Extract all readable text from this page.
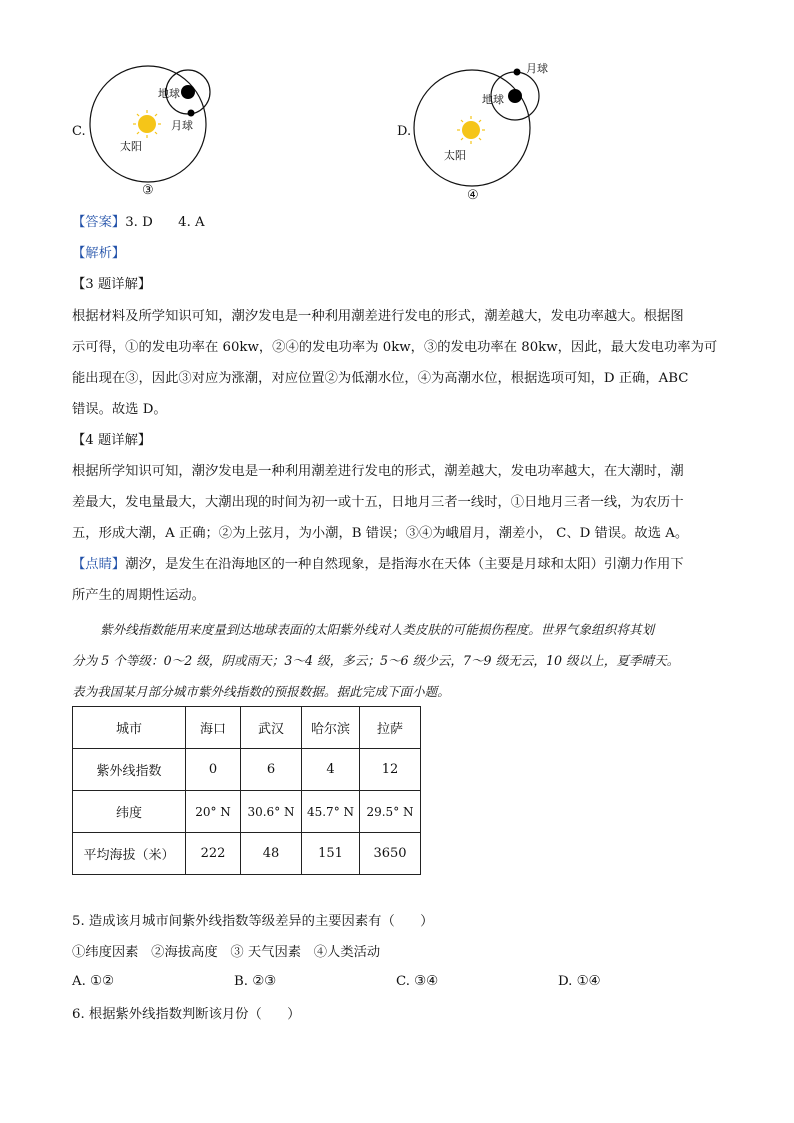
C.
地球
月球
太阳
③
D.
地球
月球
太阳
④
【答案】3. D      4. A
【解析】
【3 题详解】
根据材料及所学知识可知，潮汐发电是一种利用潮差进行发电的形式，潮差越大，发电功率越大。根据图
示可得，①的发电功率在 60kw，②④的发电功率为 0kw，③的发电功率在 80kw，因此，最大发电功率为可
能出现在③，因此③对应为涨潮，对应位置②为低潮水位，④为高潮水位，根据选项可知，D 正确，ABC
错误。故选 D。
【4 题详解】
根据所学知识可知，潮汐发电是一种利用潮差进行发电的形式，潮差越大，发电功率越大，在大潮时，潮
差最大，发电量最大，大潮出现的时间为初一或十五，日地月三者一线时，①日地月三者一线，为农历十
五，形成大潮，A 正确；②为上弦月，为小潮，B 错误；③④为峨眉月，潮差小， C、D 错误。故选 A。
【点睛】潮汐，是发生在沿海地区的一种自然现象，是指海水在天体（主要是月球和太阳）引潮力作用下
所产生的周期性运动。
紫外线指数能用来度量到达地球表面的太阳紫外线对人类皮肤的可能损伤程度。世界气象组织将其划
分为 5 个等级：0～2 级，阴或雨天；3～4 级，多云；5～6 级少云，7～9 级无云，10 级以上，夏季晴天。
表为我国某月部分城市紫外线指数的预报数据。据此完成下面小题。
城市	海口	武汉	哈尔滨	拉萨
紫外线指数	0	6	4	12
纬度	20° N	30.6° N	45.7° N	29.5° N
平均海拔（米）	222	48	151	3650
5. 造成该月城市间紫外线指数等级差异的主要因素有（      ）
①纬度因素   ②海拔高度   ③ 天气因素   ④人类活动
A. ①②	B. ②③	C. ③④	D. ①④
6. 根据紫外线指数判断该月份（      ）
